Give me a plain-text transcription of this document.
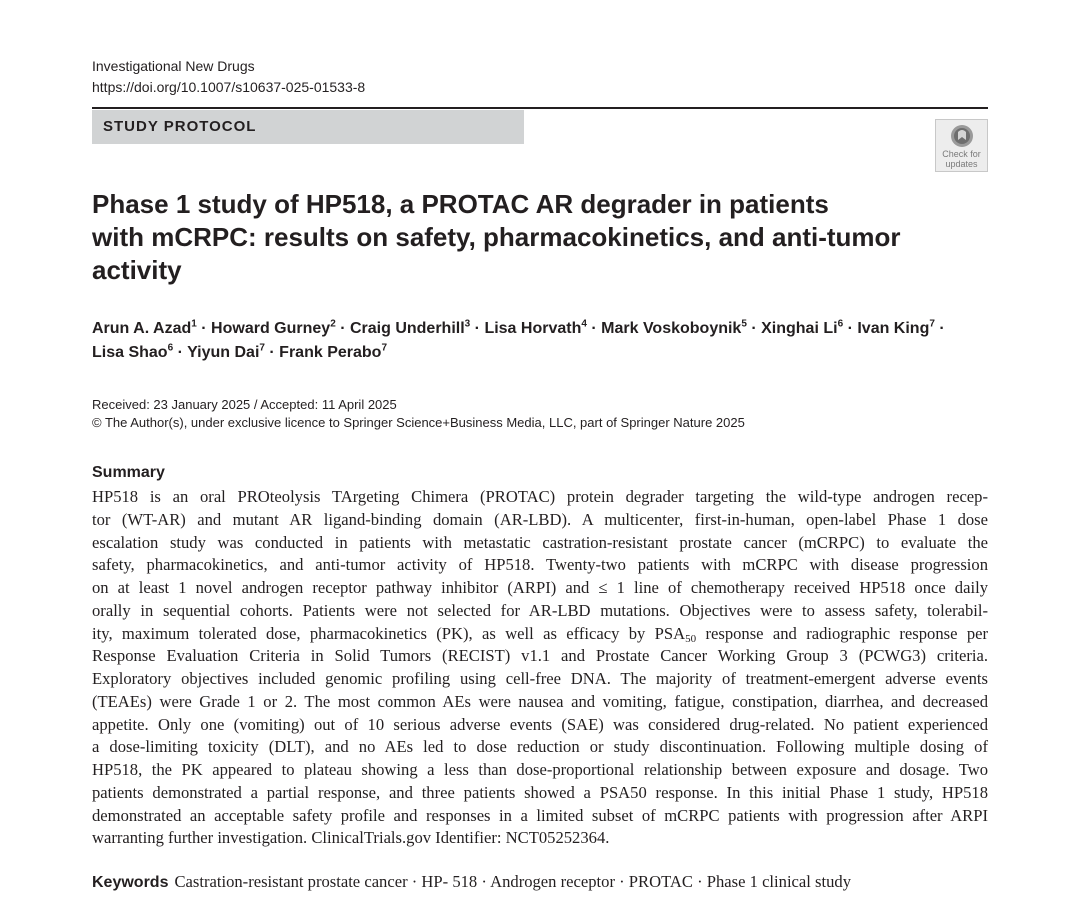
Investigational New Drugs
https://doi.org/10.1007/s10637-025-01533-8
STUDY PROTOCOL
Check for
updates
Phase 1 study of HP518, a PROTAC AR degrader in patients
with mCRPC: results on safety, pharmacokinetics, and anti-tumor
activity
Arun A. Azad$^1$ · Howard Gurney$^2$ · Craig Underhill$^3$ · Lisa Horvath$^4$ · Mark Voskoboynik$^5$ · Xinghai $Li^6$ · Ivan King$^7$ ·
Lisa Shao$^6$ · Yiyun Dai$^7$ · Frank Perabo$^7$
Received: 23 January 2025 / Accepted: 11 April 2025
© The Author(s), under exclusive licence to Springer Science+Business Media, LLC, part of Springer Nature 2025
Summary
HP518 is an oral PROteolysis TArgeting Chimera (PROTAC) protein degrader targeting the wild-type androgen recep-
tor (WT-AR) and mutant AR ligand-binding domain (AR-LBD). A multicenter, first-in-human, open-label Phase 1 dose
escalation study was conducted in patients with metastatic castration-resistant prostate cancer (mCRPC) to evaluate the
safety, pharmacokinetics, and anti-tumor activity of HP518. Twenty-two patients with mCRPC with disease progression
on at least 1 novel androgen receptor pathway inhibitor (ARPI) and ≤ 1 line of chemotherapy received HP518 once daily
orally in sequential cohorts. Patients were not selected for AR-LBD mutations. Objectives were to assess safety, tolerabil-
ity, maximum tolerated dose, pharmacokinetics (PK), as well as efficacy by $PSA_{50}$ response and radiographic response per
Response Evaluation Criteria in Solid Tumors (RECIST) v1.1 and Prostate Cancer Working Group 3 (PCWG3) criteria.
Exploratory objectives included genomic profiling using cell-free DNA. The majority of treatment-emergent adverse events
(TEAEs) were Grade 1 or 2. The most common AEs were nausea and vomiting, fatigue, constipation, diarrhea, and decreased
appetite. Only one (vomiting) out of 10 serious adverse events (SAE) was considered drug-related. No patient experienced
a dose-limiting toxicity (DLT), and no AEs led to dose reduction or study discontinuation. Following multiple dosing of
HP518, the PK appeared to plateau showing a less than dose-proportional relationship between exposure and dosage. Two
patients demonstrated a partial response, and three patients showed a PSA50 response. In this initial Phase 1 study, HP518
demonstrated an acceptable safety profile and responses in a limited subset of mCRPC patients with progression after ARPI
warranting further investigation. ClinicalTrials.gov Identifier: NCT05252364.
Keywords Castration-resistant prostate cancer · HP- 518 · Androgen receptor · PROTAC · Phase 1 clinical study
